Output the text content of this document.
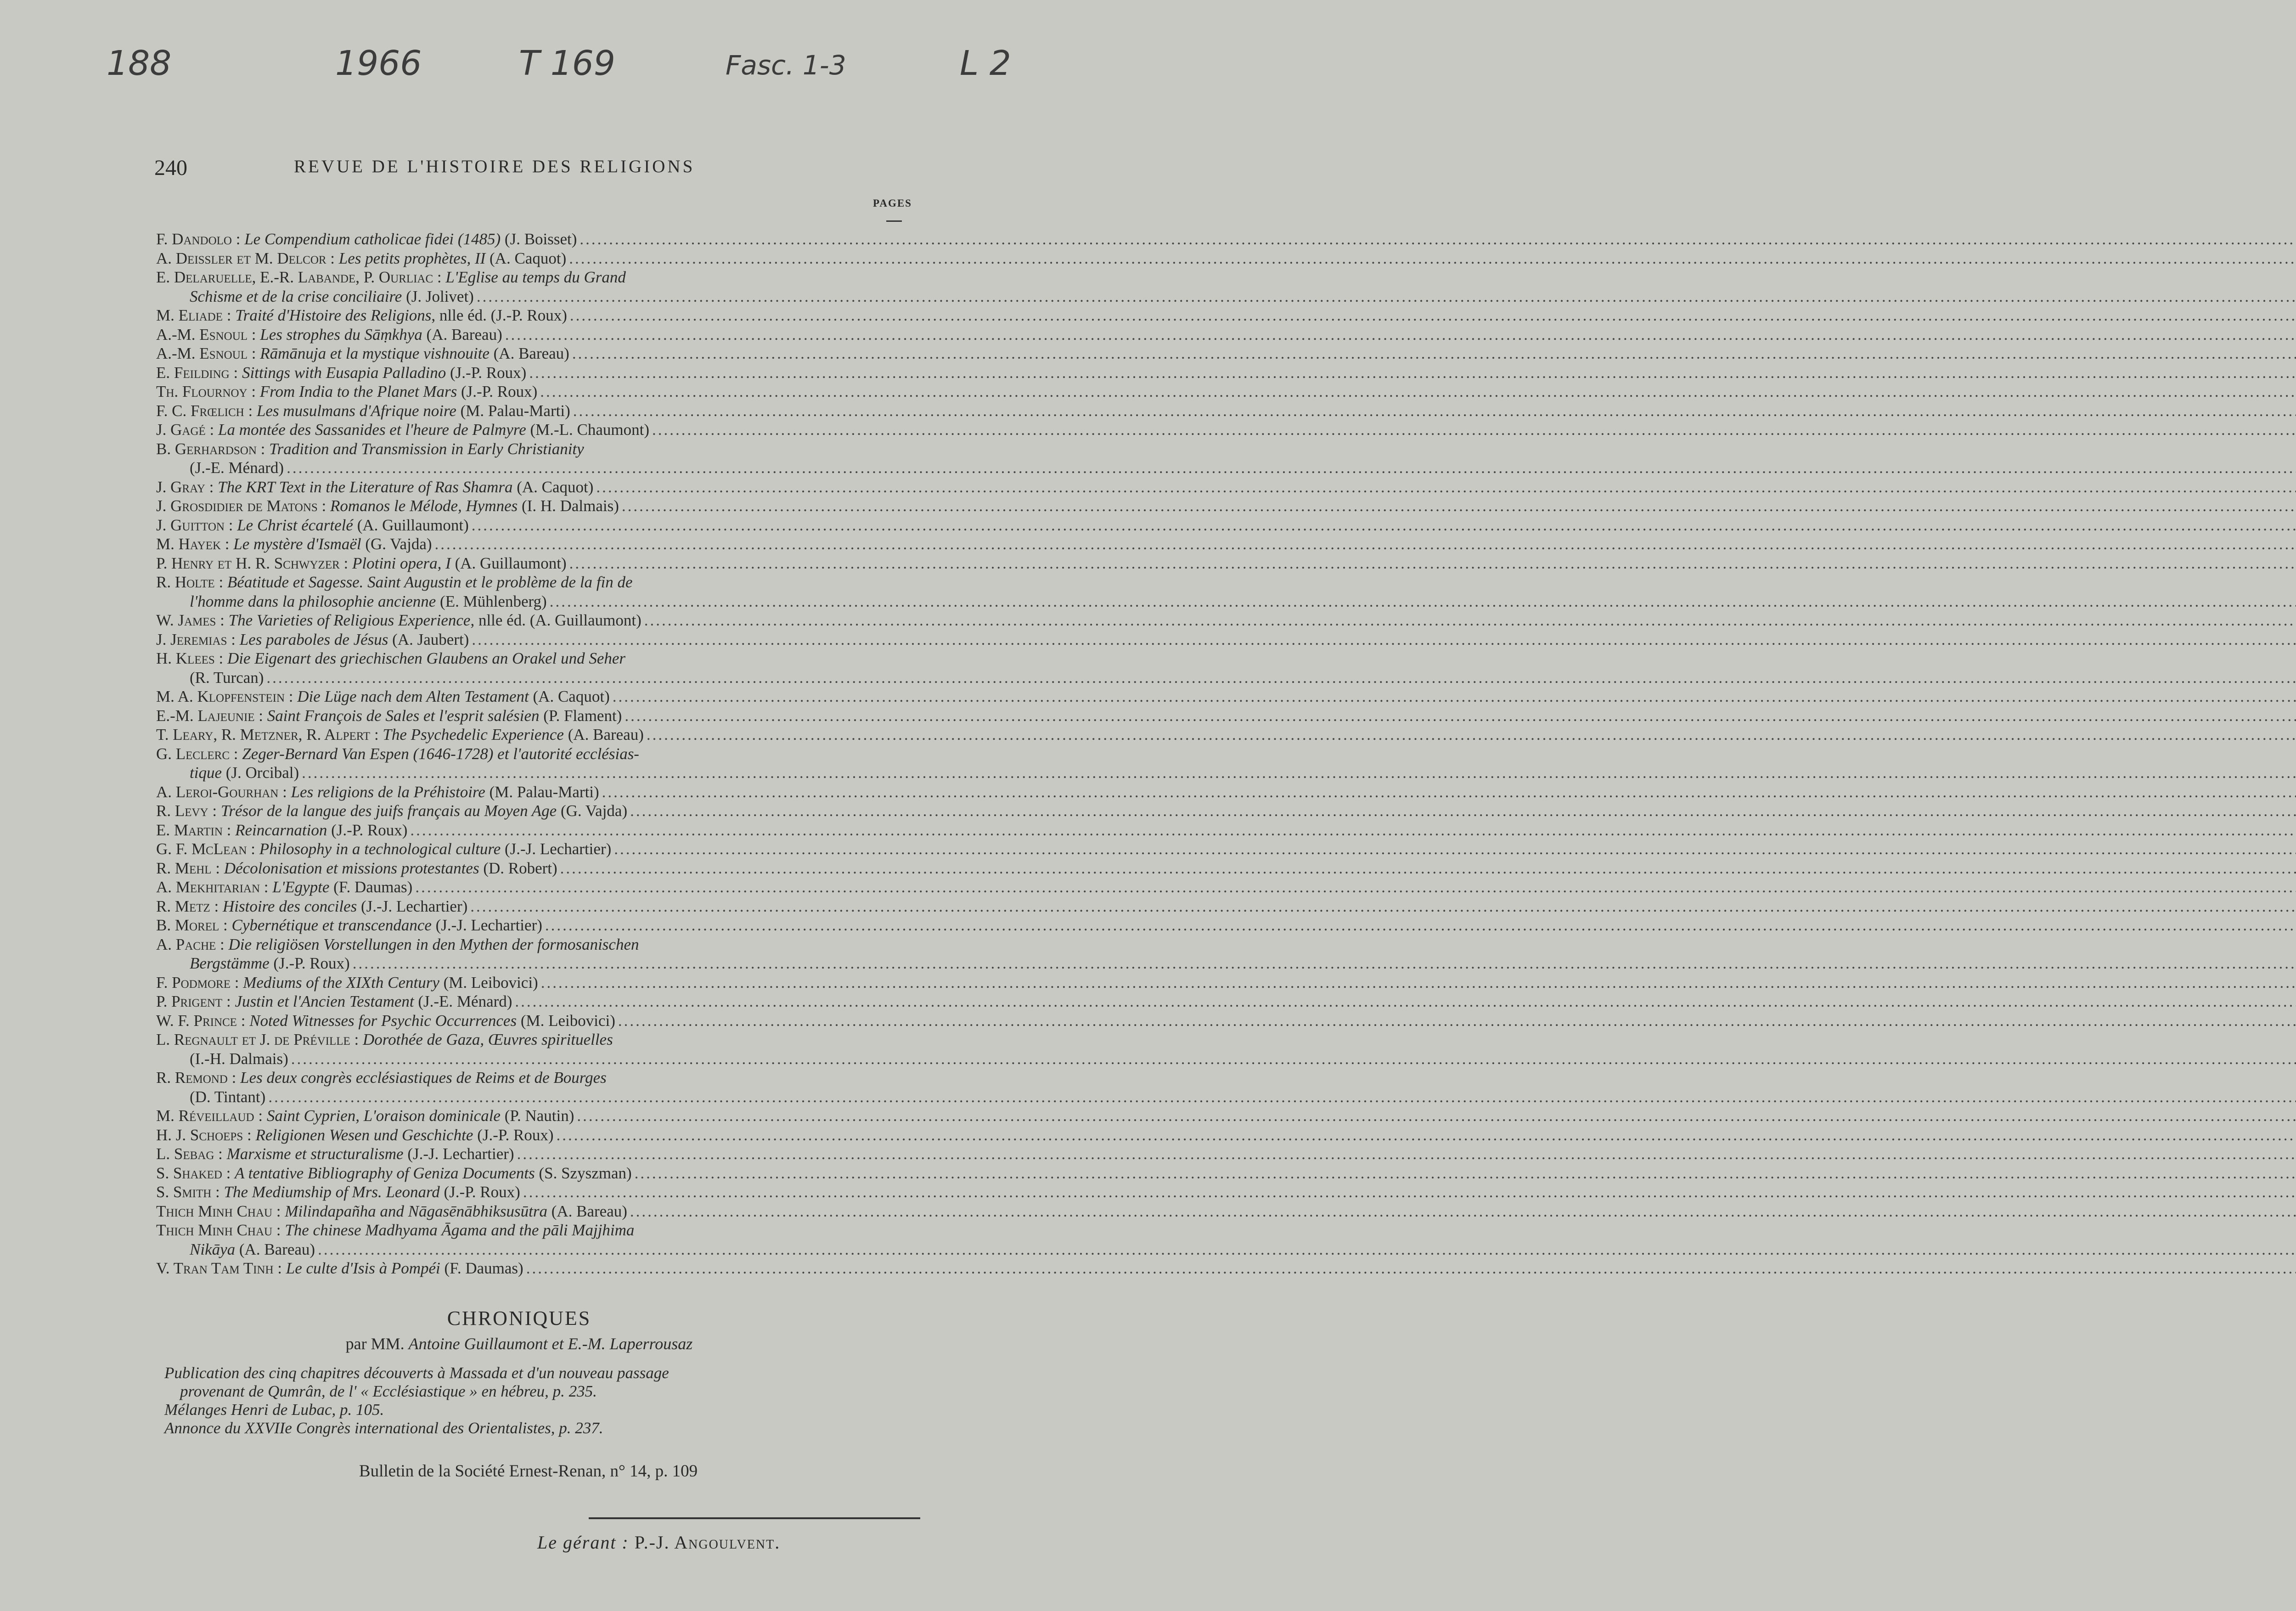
188	1966	T 169	Fasc. 1-3	L 2
240	REVUE DE L'HISTOIRE DES RELIGIONS
PAGES
F. Dandolo : Le Compendium catholicae fidei (1485) (J. Boisset)
.....
A. Deissler et M. Delcor : Les petits prophètes, II (A. Caquot)
.....
E. Delaruelle, E.-R. Labande, P. Ourliac : L'Eglise au temps du Grand
Schisme et de la crise conciliaire (J. Jolivet)
.....
M. Eliade : Traité d'Histoire des Religions, nlle éd. (J.-P. Roux)
.....
A.-M. Esnoul : Les strophes du Sāṃkhya (A. Bareau)
.....
A.-M. Esnoul : Rāmānuja et la mystique vishnouite (A. Bareau)
.....
E. Feilding : Sittings with Eusapia Palladino (J.-P. Roux)
.....
Th. Flournoy : From India to the Planet Mars (J.-P. Roux)
.....
F. C. Frœlich : Les musulmans d'Afrique noire (M. Palau-Marti)
.....
J. Gagé : La montée des Sassanides et l'heure de Palmyre (M.-L. Chaumont)
.....
B. Gerhardson : Tradition and Transmission in Early Christianity
(J.-E. Ménard)
.....
J. Gray : The KRT Text in the Literature of Ras Shamra (A. Caquot)
.....
J. Grosdidier de Matons : Romanos le Mélode, Hymnes (I. H. Dalmais)
.....
J. Guitton : Le Christ écartelé (A. Guillaumont)
.....
M. Hayek : Le mystère d'Ismaël (G. Vajda)
.....
P. Henry et H. R. Schwyzer : Plotini opera, I (A. Guillaumont)
.....
R. Holte : Béatitude et Sagesse. Saint Augustin et le problème de la fin de
l'homme dans la philosophie ancienne (E. Mühlenberg)
.....
W. James : The Varieties of Religious Experience, nlle éd. (A. Guillaumont)
.....
J. Jeremias : Les paraboles de Jésus (A. Jaubert)
.....
H. Klees : Die Eigenart des griechischen Glaubens an Orakel und Seher
(R. Turcan)
.....
M. A. Klopfenstein : Die Lüge nach dem Alten Testament (A. Caquot)
.....
E.-M. Lajeunie : Saint François de Sales et l'esprit salésien (P. Flament)
.....
T. Leary, R. Metzner, R. Alpert : The Psychedelic Experience (A. Bareau)
.....
G. Leclerc : Zeger-Bernard Van Espen (1646-1728) et l'autorité ecclésias-
tique (J. Orcibal)
.....
A. Leroi-Gourhan : Les religions de la Préhistoire (M. Palau-Marti)
.....
R. Levy : Trésor de la langue des juifs français au Moyen Age (G. Vajda)
.....
E. Martin : Reincarnation (J.-P. Roux)
.....
G. F. McLean : Philosophy in a technological culture (J.-J. Lechartier)
.....
R. Mehl : Décolonisation et missions protestantes (D. Robert)
.....
A. Mekhitarian : L'Egypte (F. Daumas)
.....
R. Metz : Histoire des conciles (J.-J. Lechartier)
.....
B. Morel : Cybernétique et transcendance (J.-J. Lechartier)
.....
A. Pache : Die religiösen Vorstellungen in den Mythen der formosanischen
Bergstämme (J.-P. Roux)
.....
F. Podmore : Mediums of the XIXth Century (M. Leibovici)
.....
P. Prigent : Justin et l'Ancien Testament (J.-E. Ménard)
.....
W. F. Prince : Noted Witnesses for Psychic Occurrences (M. Leibovici)
.....
L. Regnault et J. de Préville : Dorothée de Gaza, Œuvres spirituelles
(I.-H. Dalmais)
.....
R. Remond : Les deux congrès ecclésiastiques de Reims et de Bourges
(D. Tintant)
.....
M. Réveillaud : Saint Cyprien, L'oraison dominicale (P. Nautin)
.....
H. J. Schoeps : Religionen Wesen und Geschichte (J.-P. Roux)
.....
L. Sebag : Marxisme et structuralisme (J.-J. Lechartier)
.....
S. Shaked : A tentative Bibliography of Geniza Documents (S. Szyszman)
.....
S. Smith : The Mediumship of Mrs. Leonard (J.-P. Roux)
.....
Thich Minh Chau : Milindapañha and Nāgasēnābhiksusūtra (A. Bareau)
.....
Thich Minh Chau : The chinese Madhyama Āgama and the pāli Majjhima
Nikāya (A. Bareau)
.....
V. Tran Tam Tinh : Le culte d'Isis à Pompéi (F. Daumas)
.....
CHRONIQUES
par MM. Antoine Guillaumont et E.-M. Laperrousaz
Publication des cinq chapitres découverts à Massada et d'un nouveau passage
provenant de Qumrân, de l' « Ecclésiastique » en hébreu, p. 235.
Mélanges Henri de Lubac, p. 105.
Annonce du XXVIIe Congrès international des Orientalistes, p. 237.
Bulletin de la Société Ernest-Renan, n° 14, p. 109
Le gérant : P.-J. Angoulvent.
